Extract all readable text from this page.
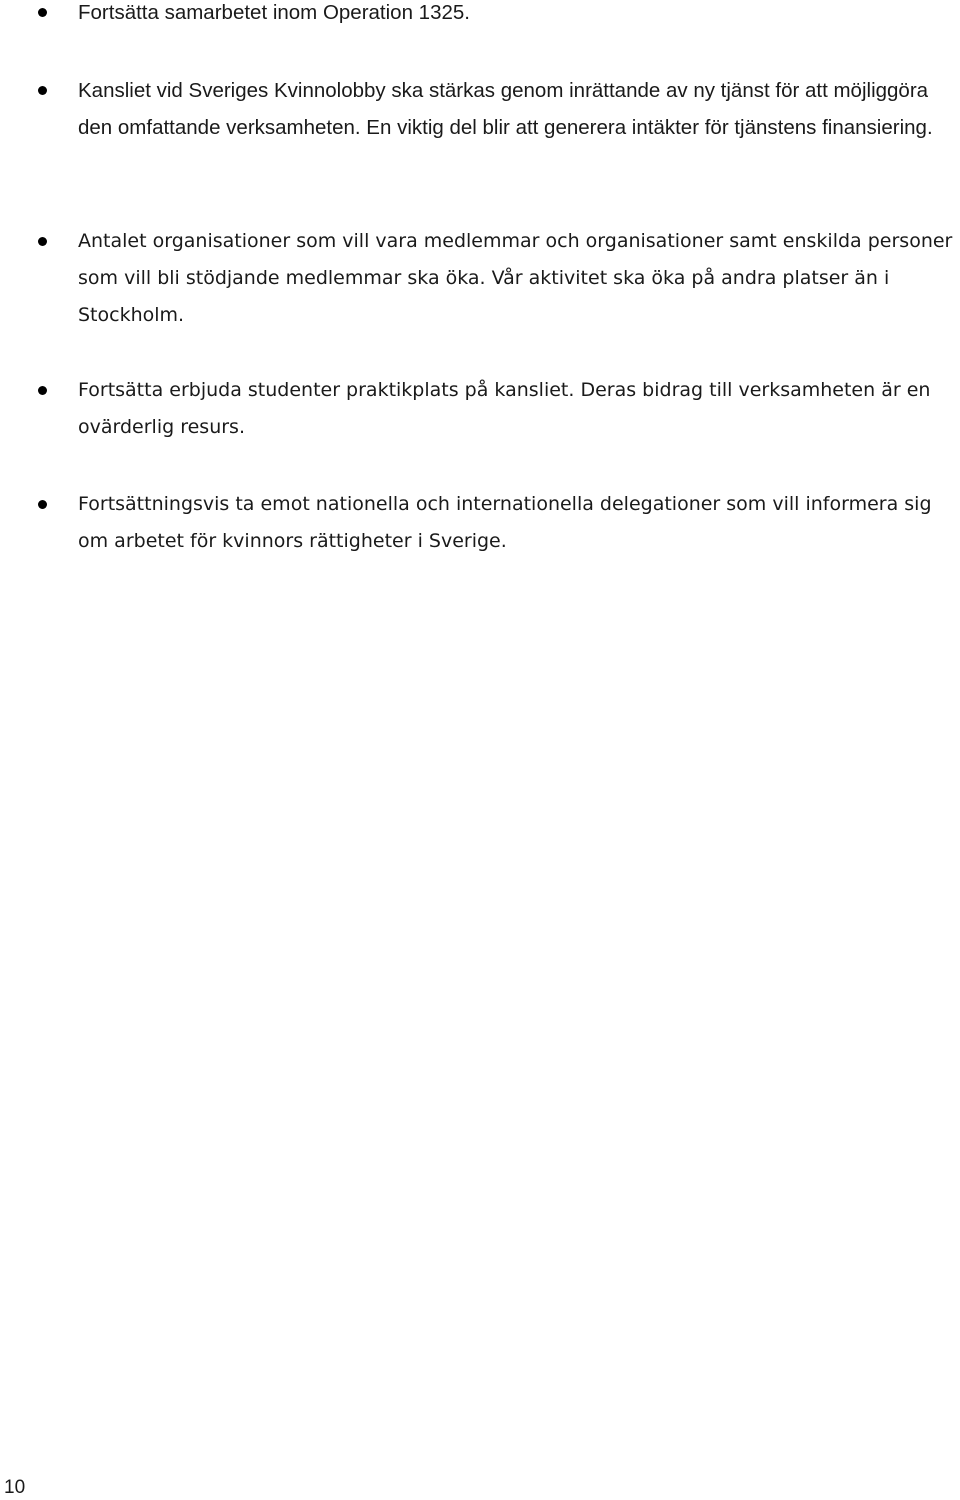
Fortsätta samarbetet inom Operation 1325.
Kansliet vid Sveriges Kvinnolobby ska stärkas genom inrättande av ny tjänst för att möjliggöra den omfattande verksamheten. En viktig del blir att generera intäkter för tjänstens finansiering.
Antalet organisationer som vill vara medlemmar och organisationer samt enskilda personer som vill bli stödjande medlemmar ska öka. Vår aktivitet ska öka på andra platser än i Stockholm.
Fortsätta erbjuda studenter praktikplats på kansliet. Deras bidrag till verksamheten är en ovärderlig resurs.
Fortsättningsvis ta emot nationella och internationella delegationer som vill informera sig om arbetet för kvinnors rättigheter i Sverige.
10
